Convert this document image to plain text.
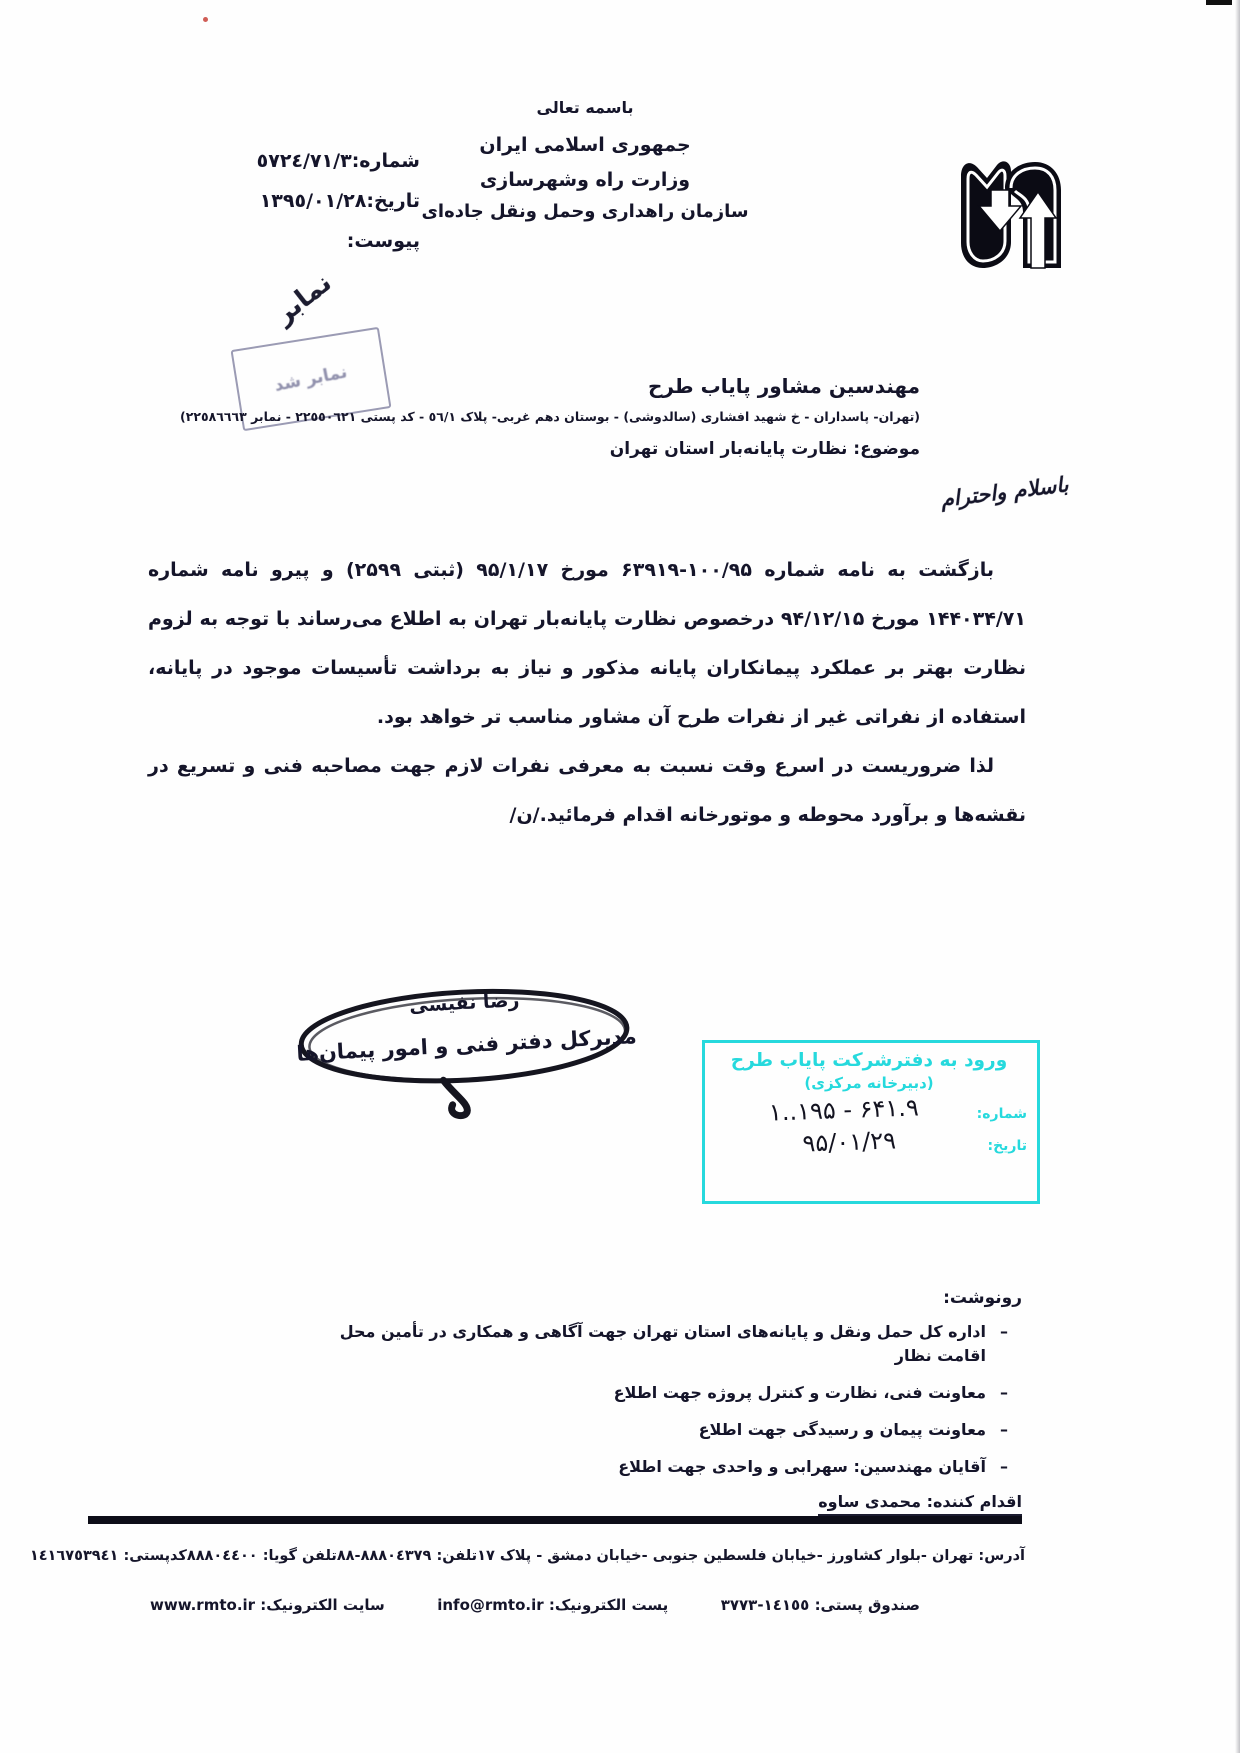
باسمه تعالی
جمهوری اسلامی ایران
وزارت راه وشهرسازی
سازمان راهداری وحمل ونقل جاده‌ای
شماره:٥٧٢٤/٧١/٣
تاریخ:١٣٩٥/٠١/٢٨
پیوست:
نمابر
نمابر شد	مهندسین مشاور پایاب طرح
(تهران- پاسداران - خ شهید افشاری (سالدوشی) - بوستان دهم غربی- پلاک ٥٦/١ - کد پستی ٢٢٥٥٠٦٢١ - نمابر ٢٢٥٨٦٦٦٣)
موضوع: نظارت پایانه‌بار استان تهران
باسلام واحترام

بازگشت به نامه شماره ۱۰۰/۹۵-۶۳۹۱۹ مورخ ۹۵/۱/۱۷ (ثبتی ۲۵۹۹) و پیرو نامه شماره ۱۴۴۰۳۴/۷۱ مورخ ۹۴/۱۲/۱۵ درخصوص نظارت پایانه‌بار تهران به اطلاع می‌رساند با توجه به لزوم نظارت بهتر بر عملکرد پیمانکاران پایانه مذکور و نیاز به برداشت تأسیسات موجود در پایانه، استفاده از نفراتی غیر از نفرات طرح آن مشاور مناسب تر خواهد بود.

لذا ضروریست در اسرع وقت نسبت به معرفی نفرات لازم جهت مصاحبه فنی و تسریع در نقشه‌ها و برآورد محوطه و موتورخانه اقدام فرمائید./ن/

رضا نفیسی
مدیرکل دفتر فنی و امور پیمان‌ها	ورود به دفترشرکت پایاب طرح
(دبیرخانه مرکزی)
شماره:
۱..۱۹۵ - ۶۴۱.۹
تاریخ:
۹۵/۰۱/۲۹
رونوشت:
–
اداره کل حمل ونقل و پایانه‌های استان تهران جهت آگاهی و همکاری در تأمین محل اقامت نظار
–
معاونت فنی، نظارت و کنترل پروژه جهت اطلاع
–
معاونت پیمان و رسیدگی جهت اطلاع
–
آقایان مهندسین: سهرابی و واحدی جهت اطلاع
اقدام کننده: محمدی ساوه
آدرس: تهران -بلوار کشاورز -خیابان فلسطین جنوبی -خیابان دمشق - پلاک ١٧
تلفن: ٨٨٨٠٤٣٧٩-٨٨
تلفن گویا: ٨٨٨٠٤٤٠٠
کدپستی: ١٤١٦٧٥٣٩٤١
صندوق پستی: ١٤١٥٥-٣٧٧٣
پست الکترونیک: info@rmto.ir
سایت الکترونیک: www.rmto.ir
